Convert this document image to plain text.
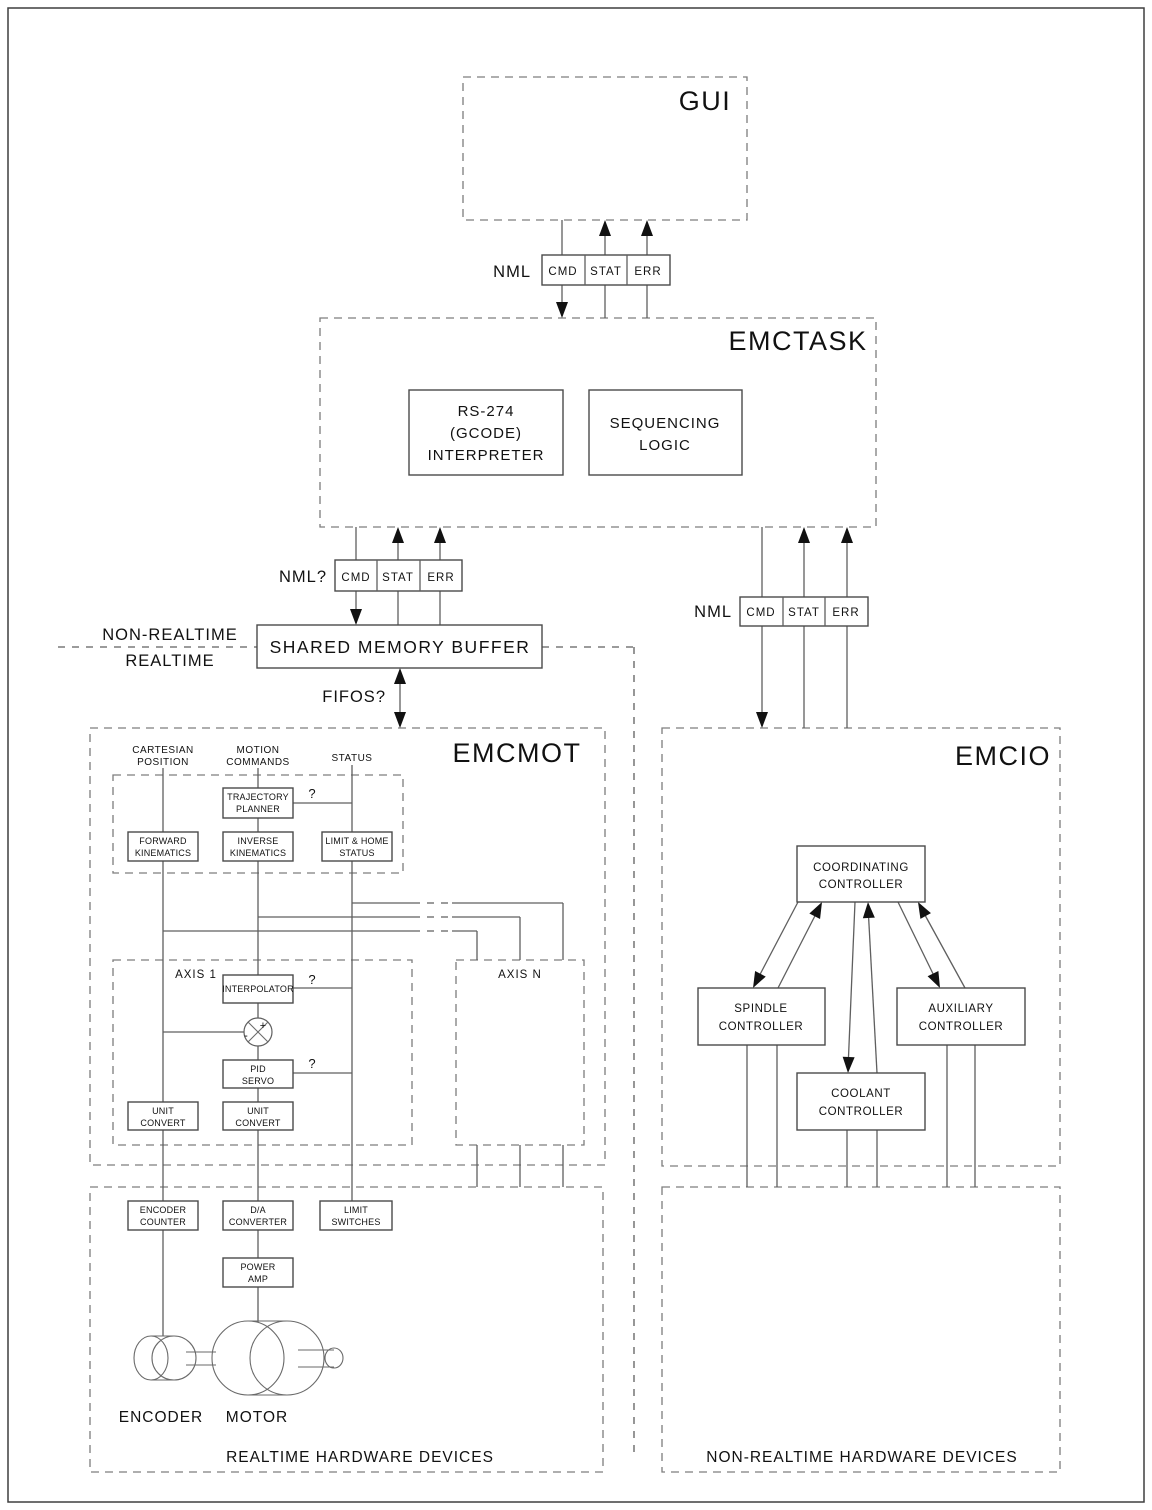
NML CMD STAT ERR
NML? CMD STAT ERR
NML CMD STAT ERR
GUI
EMCTASK
EMCMOT	EMCIO
NON-REALTIME
REALTIME
FIFOS?
RS-274
(GCODE)
INTERPRETER
SEQUENCING
LOGIC
SHARED MEMORY BUFFER
CARTESIAN
POSITION
MOTION
COMMANDS	STATUS
TRAJECTORY
PLANNER
?
FORWARD
KINEMATICS
INVERSE
KINEMATICS
LIMIT & HOME
STATUS
AXIS 1	AXIS N
INTERPOLATOR
?
+
-
PID
SERVO
?
UNIT
CONVERT
UNIT
CONVERT
ENCODER
COUNTER
D/A
CONVERTER
LIMIT
SWITCHES
POWER
AMP
ENCODER MOTOR
REALTIME HARDWARE DEVICES
COORDINATING
CONTROLLER
SPINDLE
CONTROLLER
AUXILIARY
CONTROLLER
COOLANT
CONTROLLER
NON-REALTIME HARDWARE DEVICES
